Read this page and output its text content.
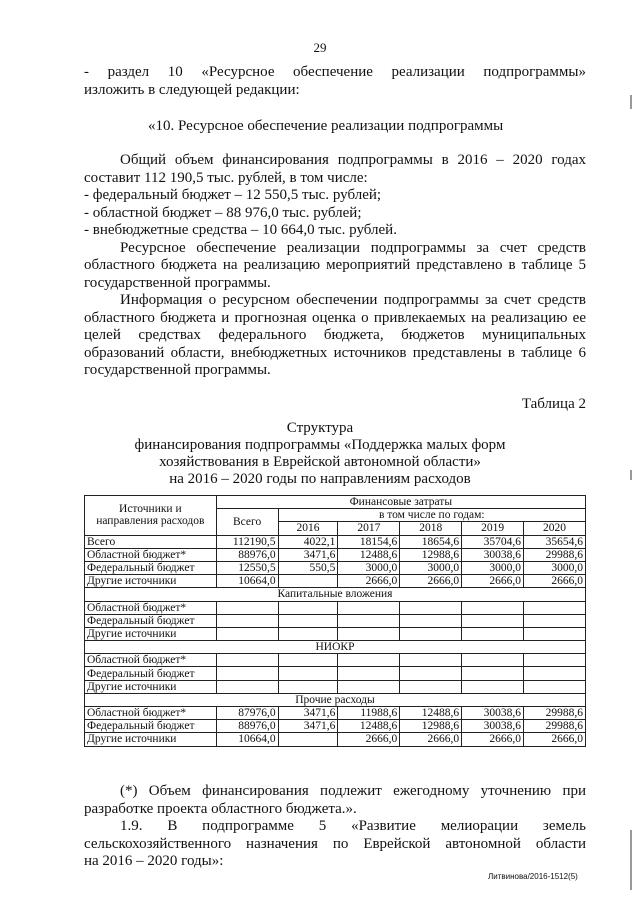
29

- раздел 10 «Ресурсное обеспечение реализации подпрограммы»

изложить в следующей редакции:

«10. Ресурсное обеспечение реализации подпрограммы

Общий объем финансирования подпрограммы в 2016 – 2020 годах

составит 112 190,5 тыс. рублей, в том числе:

- федеральный бюджет – 12 550,5 тыс. рублей;

- областной бюджет – 88 976,0 тыс. рублей;

- внебюджетные средства – 10 664,0 тыс. рублей.

Ресурсное обеспечение реализации подпрограммы за счет средств

областного бюджета на реализацию мероприятий представлено в таблице 5

государственной программы.

Информация о ресурсном обеспечении подпрограммы за счет средств

областного бюджета и прогнозная оценка о привлекаемых на реализацию ее

целей средствах федерального бюджета, бюджетов муниципальных

образований области, внебюджетных источников представлены в таблице 6

государственной программы.

Таблица 2
Структура
финансирования подпрограммы «Поддержка малых форм
хозяйствования в Еврейской автономной области»
на 2016 – 2020 годы по направлениям расходов
Источники и направления расходов	Финансовые затраты					
	Всего	в том числе по годам:				
		2016	2017	2018	2019	2020
Всего	112190,5	4022,1	18154,6	18654,6	35704,6	35654,6
Областной бюджет*	88976,0	3471,6	12488,6	12988,6	30038,6	29988,6
Федеральный бюджет	12550,5	550,5	3000,0	3000,0	3000,0	3000,0
Другие источники	10664,0		2666,0	2666,0	2666,0	2666,0
Капитальные вложения						
Областной бюджет*						
Федеральный бюджет						
Другие источники						
НИОКР						
Областной бюджет*						
Федеральный бюджет						
Другие источники						
Прочие расходы						
Областной бюджет*	87976,0	3471,6	11988,6	12488,6	30038,6	29988,6
Федеральный бюджет	88976,0	3471,6	12488,6	12988,6	30038,6	29988,6
Другие источники	10664,0		2666,0	2666,0	2666,0	2666,0

(*) Объем финансирования подлежит ежегодному уточнению при

разработке проекта областного бюджета.».

1.9. В подпрограмме 5 «Развитие мелиорации земель

сельскохозяйственного назначения по Еврейской автономной области

на 2016 – 2020 годы»:

Литвинова/2016-1512(5)
